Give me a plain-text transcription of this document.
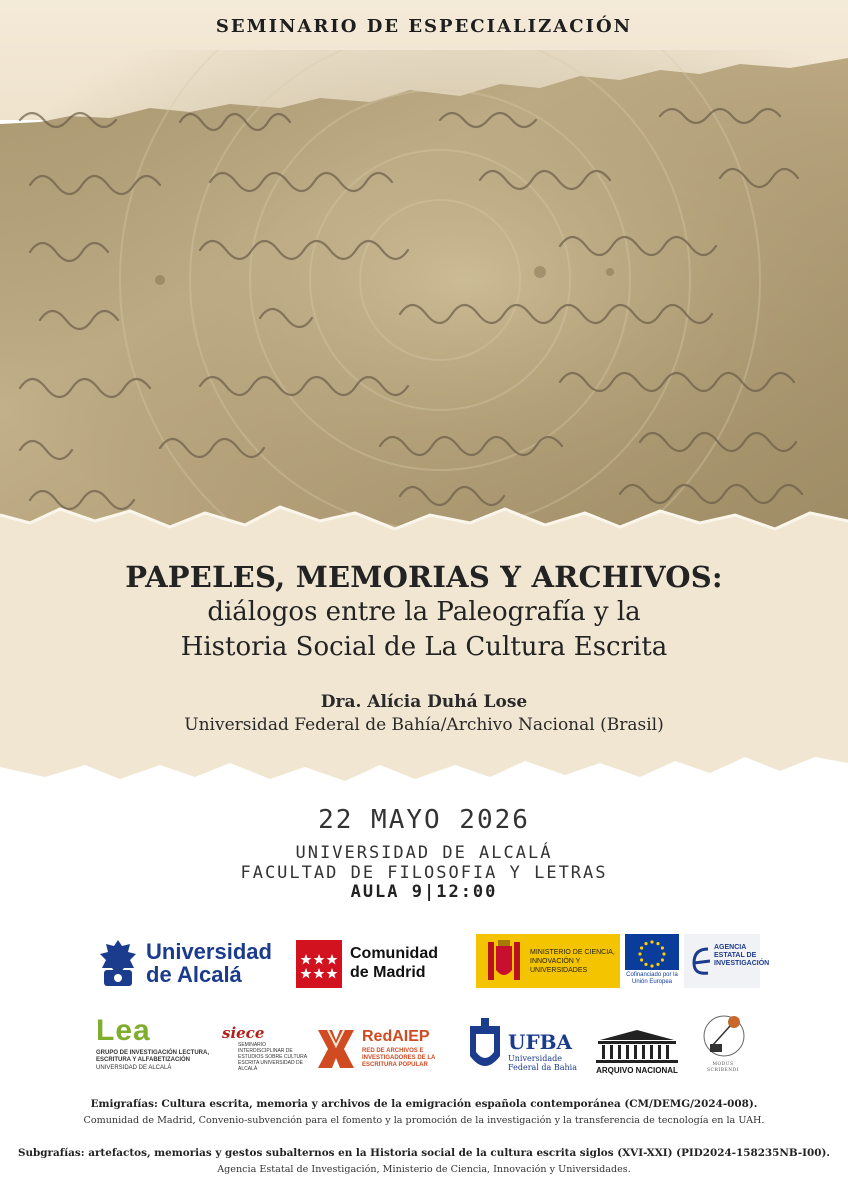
SEMINARIO DE ESPECIALIZACIÓN
PAPELES, MEMORIAS Y ARCHIVOS:
diálogos entre la Paleografía y la
Historia Social de La Cultura Escrita
Dra. Alícia Duhá Lose
Universidad Federal de Bahía/Archivo Nacional (Brasil)
22 MAYO 2026
UNIVERSIDAD DE ALCALÁ
FACULTAD DE FILOSOFIA Y LETRAS
AULA 9|12:00
Universidad
de Alcalá
Comunidad
de Madrid
MINISTERIO DE CIENCIA, INNOVACIÓN Y UNIVERSIDADES
Cofinanciado por la Unión Europea
AGENCIA ESTATAL DE INVESTIGACIÓN
Lea
GRUPO DE INVESTIGACIÓN LECTURA, ESCRITURA Y ALFABETIZACIÓN
UNIVERSIDAD DE ALCALÁ
siece
SEMINARIO INTERDISCIPLINAR DE ESTUDIOS SOBRE CULTURA ESCRITA UNIVERSIDAD DE ALCALÁ
RedAIEP
RED DE ARCHIVOS E INVESTIGADORES DE LA ESCRITURA POPULAR
UFBA
Universidade Federal da Bahia	ARQUIVO NACIONAL
MODUS SCRIBENDI
Emigrafías: Cultura escrita, memoria y archivos de la emigración española contemporánea (CM/DEMG/2024-008).
Comunidad de Madrid, Convenio-subvención para el fomento y la promoción de la investigación y la transferencia de tecnología en la UAH.
Subgrafías: artefactos, memorias y gestos subalternos en la Historia social de la cultura escrita siglos (XVI-XXI) (PID2024-158235NB-I00).
Agencia Estatal de Investigación, Ministerio de Ciencia, Innovación y Universidades.
